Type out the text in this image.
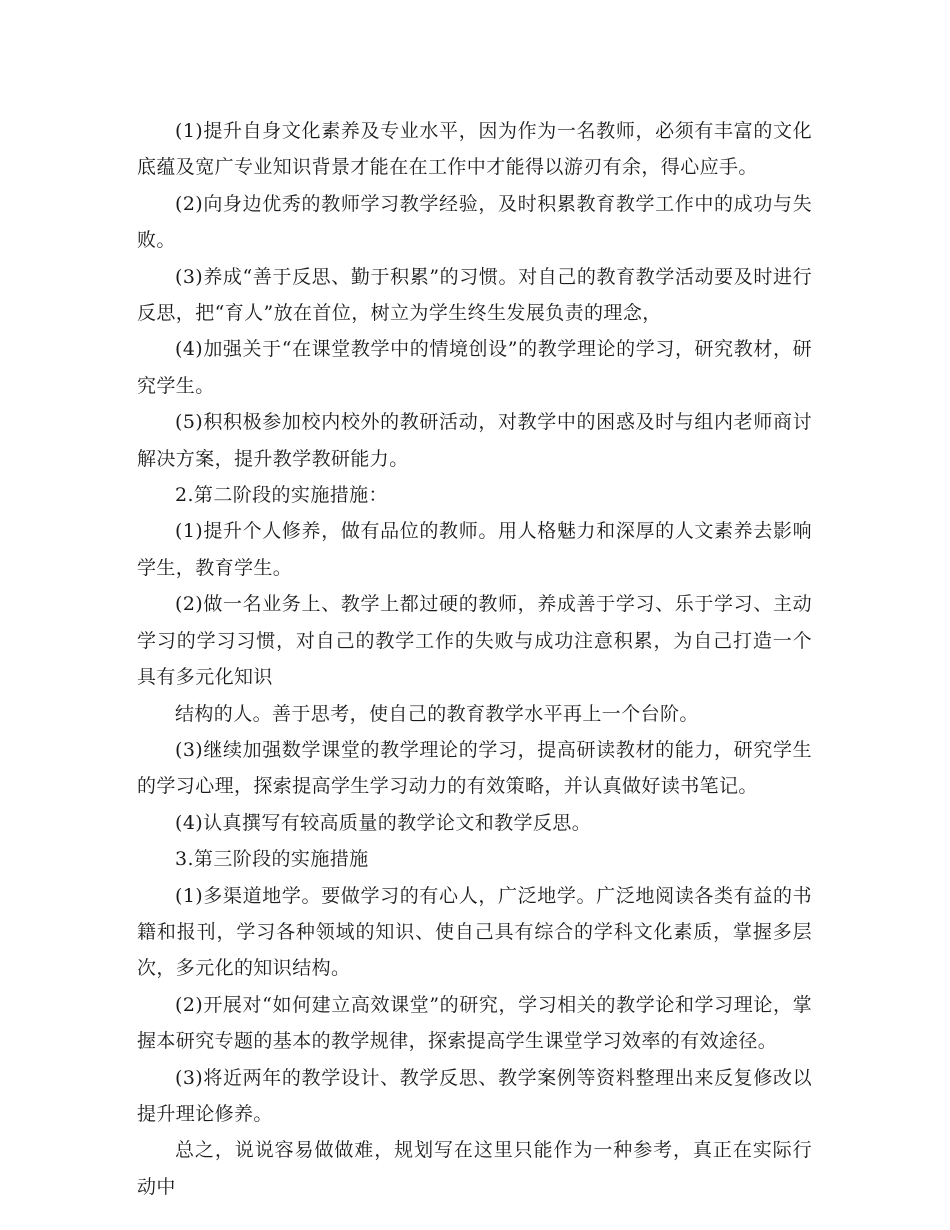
(1)提升自身文化素养及专业水平，因为作为一名教师，必须有丰富的文化底蕴及宽广专业知识背景才能在在工作中才能得以游刃有余，得心应手。

(2)向身边优秀的教师学习教学经验，及时积累教育教学工作中的成功与失败。

(3)养成“善于反思、勤于积累”的习惯。对自己的教育教学活动要及时进行反思，把“育人”放在首位，树立为学生终生发展负责的理念，

(4)加强关于“在课堂教学中的情境创设”的教学理论的学习，研究教材，研究学生。

(5)积积极参加校内校外的教研活动，对教学中的困惑及时与组内老师商讨解决方案，提升教学教研能力。

2.第二阶段的实施措施：

(1)提升个人修养，做有品位的教师。用人格魅力和深厚的人文素养去影响学生，教育学生。

(2)做一名业务上、教学上都过硬的教师，养成善于学习、乐于学习、主动学习的学习习惯，对自己的教学工作的失败与成功注意积累，为自己打造一个具有多元化知识

结构的人。善于思考，使自己的教育教学水平再上一个台阶。

(3)继续加强数学课堂的教学理论的学习，提高研读教材的能力，研究学生的学习心理，探索提高学生学习动力的有效策略，并认真做好读书笔记。

(4)认真撰写有较高质量的教学论文和教学反思。

3.第三阶段的实施措施

(1)多渠道地学。要做学习的有心人，广泛地学。广泛地阅读各类有益的书籍和报刊，学习各种领域的知识、使自己具有综合的学科文化素质，掌握多层次，多元化的知识结构。

(2)开展对“如何建立高效课堂”的研究，学习相关的教学论和学习理论，掌握本研究专题的基本的教学规律，探索提高学生课堂学习效率的有效途径。

(3)将近两年的教学设计、教学反思、教学案例等资料整理出来反复修改以提升理论修养。

总之，说说容易做做难，规划写在这里只能作为一种参考，真正在实际行动中
